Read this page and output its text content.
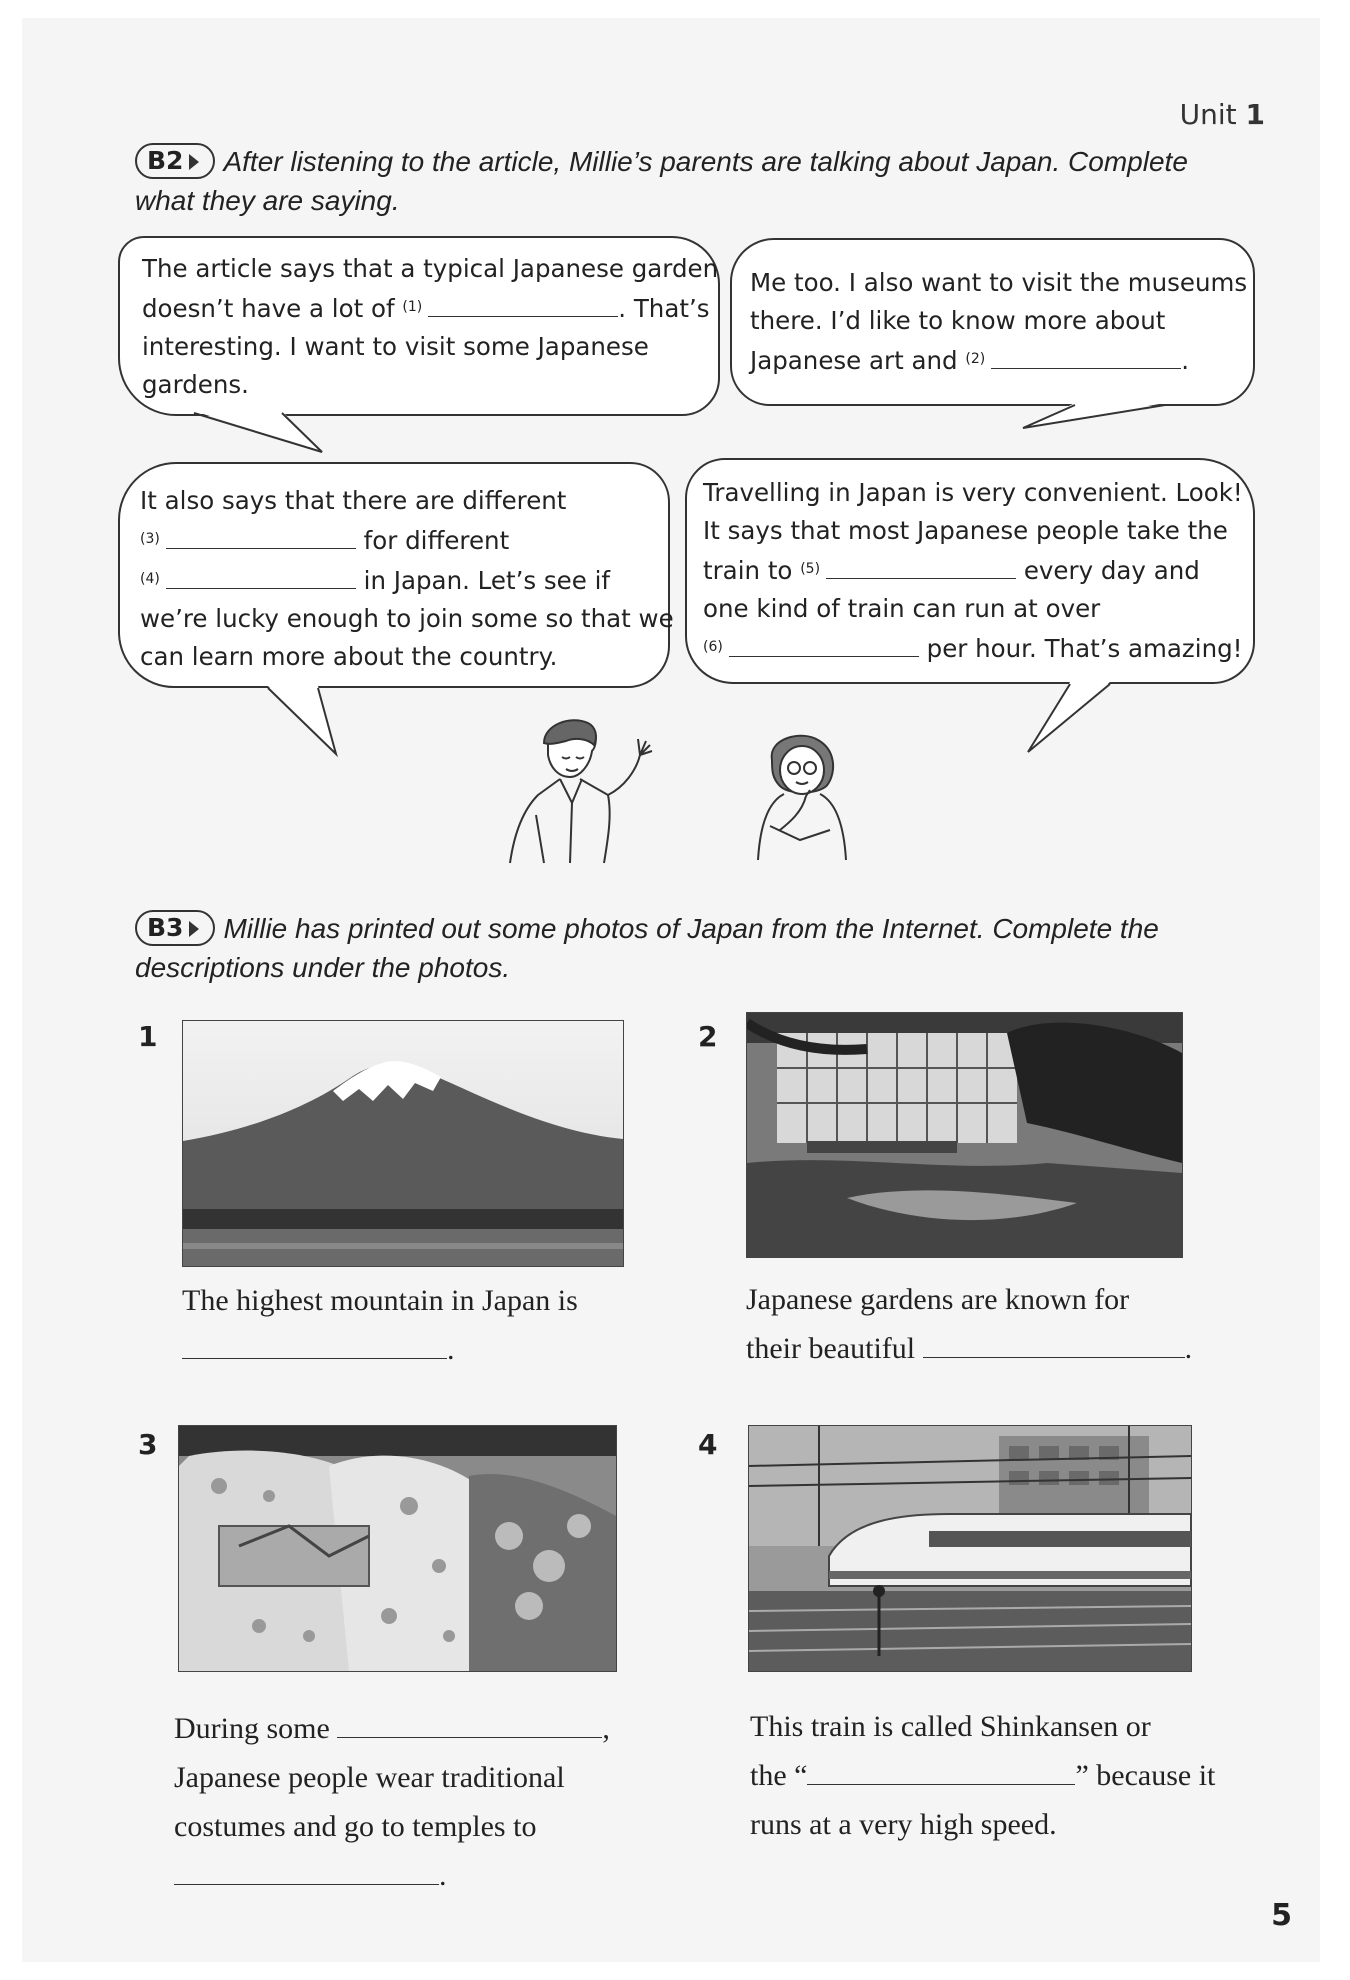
Unit 1
B2 After listening to the article, Millie’s parents are talking about Japan. Complete
what they are saying.
The article says that a typical Japanese garden
doesn’t have a lot of $^{(1)}$	. That’s
interesting. I want to visit some Japanese
gardens.
Me too. I also want to visit the museums
there. I’d like to know more about
Japanese art and $^{(2)}$	.
It also says that there are different
$^{(3)}$	for different
$^{(4)}$	in Japan. Let’s see if
we’re lucky enough to join some so that we
can learn more about the country.
Travelling in Japan is very convenient. Look!
It says that most Japanese people take the
train to $^{(5)}$	every day and
one kind of train can run at over
$^{(6)}$	per hour. That’s amazing!
B3 Millie has printed out some photos of Japan from the Internet. Complete the
descriptions under the photos.
1
The highest mountain in Japan is
.
2
Japanese gardens are known for
their beautiful	.
3
During some	,
Japanese people wear traditional
costumes and go to temples to
.
4
This train is called Shinkansen or
the “	” because it
runs at a very high speed.
5
